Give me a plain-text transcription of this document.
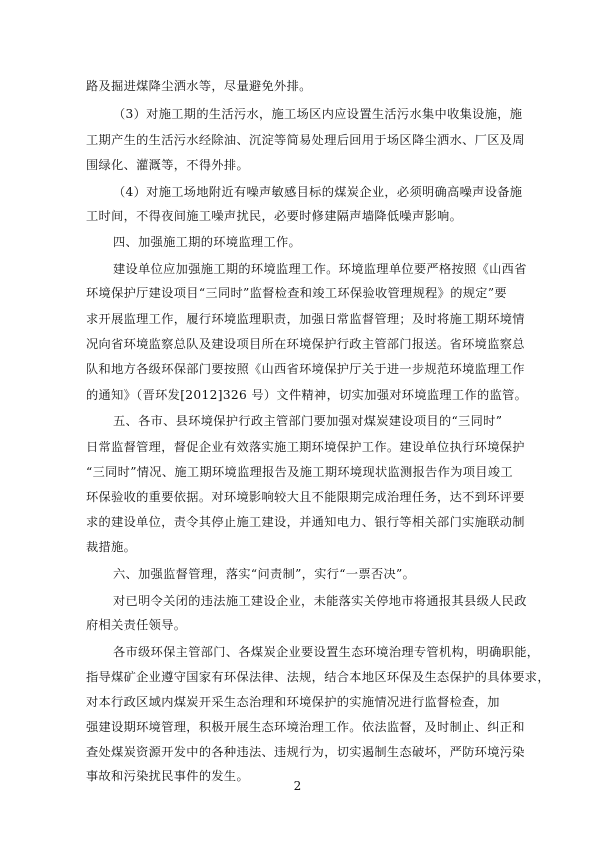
路及掘进煤降尘洒水等，尽量避免外排。
（3）对施工期的生活污水，施工场区内应设置生活污水集中收集设施，施
工期产生的生活污水经除油、沉淀等简易处理后回用于场区降尘洒水、厂区及周
围绿化、灌溉等，不得外排。
（4）对施工场地附近有噪声敏感目标的煤炭企业，必须明确高噪声设备施
工时间，不得夜间施工噪声扰民，必要时修建隔声墙降低噪声影响。
四、加强施工期的环境监理工作。
建设单位应加强施工期的环境监理工作。环境监理单位要严格按照《山西省
环境保护厅建设项目“三同时”监督检查和竣工环保验收管理规程》的规定”要
求开展监理工作，履行环境监理职责，加强日常监督管理；及时将施工期环境情
况向省环境监察总队及建设项目所在环境保护行政主管部门报送。省环境监察总
队和地方各级环保部门要按照《山西省环境保护厅关于进一步规范环境监理工作
的通知》（晋环发[2012]326 号）文件精神，切实加强对环境监理工作的监管。
五、各市、县环境保护行政主管部门要加强对煤炭建设项目的“三同时”
日常监督管理，督促企业有效落实施工期环境保护工作。建设单位执行环境保护
“三同时”情况、施工期环境监理报告及施工期环境现状监测报告作为项目竣工
环保验收的重要依据。对环境影响较大且不能限期完成治理任务，达不到环评要
求的建设单位，责令其停止施工建设，并通知电力、银行等相关部门实施联动制
裁措施。
六、加强监督管理，落实“问责制”，实行“一票否决”。
对已明令关闭的违法施工建设企业，未能落实关停地市将通报其县级人民政
府相关责任领导。
各市级环保主管部门、各煤炭企业要设置生态环境治理专管机构，明确职能，
指导煤矿企业遵守国家有环保法律、法规，结合本地区环保及生态保护的具体要求，
对本行政区域内煤炭开采生态治理和环境保护的实施情况进行监督检查，加
强建设期环境管理，积极开展生态环境治理工作。依法监督，及时制止、纠正和
查处煤炭资源开发中的各种违法、违规行为，切实遏制生态破坏，严防环境污染
事故和污染扰民事件的发生。
2
